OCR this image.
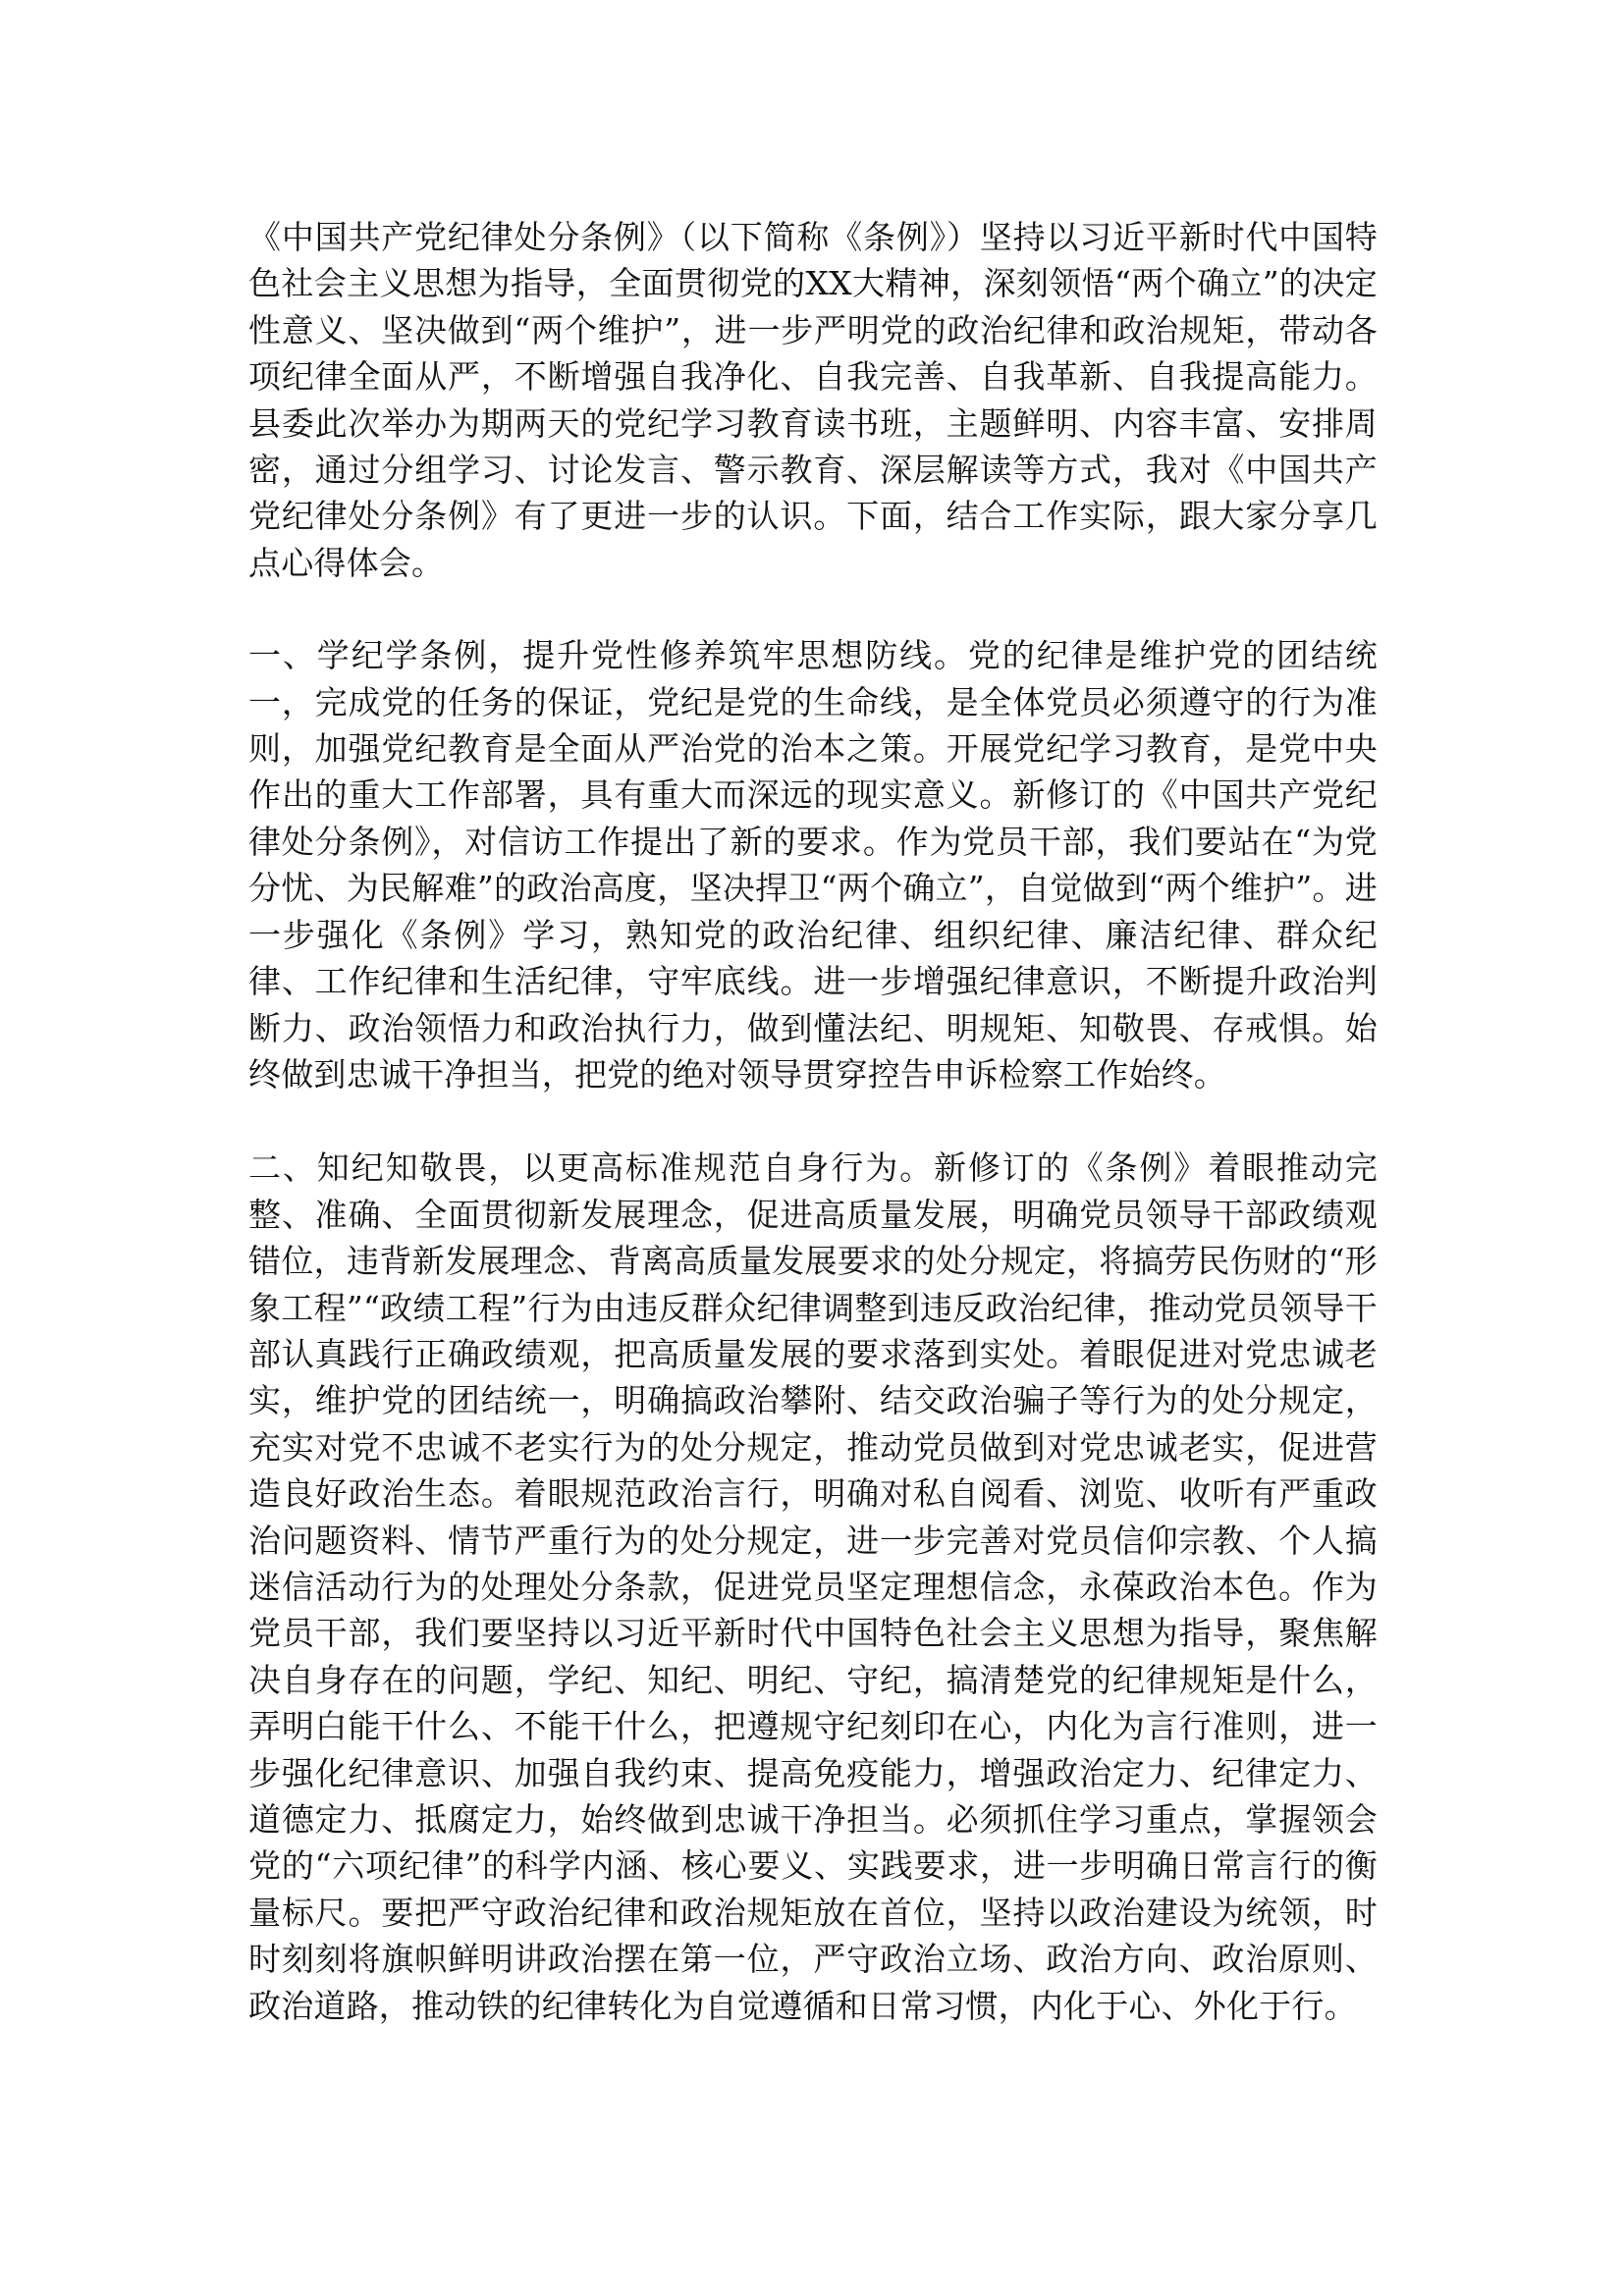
《中国共产党纪律处分条例》（以下简称《条例》）坚持以习近平新时代中国特色社会主义思想为指导，全面贯彻党的XX大精神，深刻领悟“两个确立”的决定性意义、坚决做到“两个维护”，进一步严明党的政治纪律和政治规矩，带动各项纪律全面从严，不断增强自我净化、自我完善、自我革新、自我提高能力。县委此次举办为期两天的党纪学习教育读书班，主题鲜明、内容丰富、安排周密，通过分组学习、讨论发言、警示教育、深层解读等方式，我对《中国共产党纪律处分条例》有了更进一步的认识。下面，结合工作实际，跟大家分享几点心得体会。

一、学纪学条例，提升党性修养筑牢思想防线。党的纪律是维护党的团结统一，完成党的任务的保证，党纪是党的生命线，是全体党员必须遵守的行为准则，加强党纪教育是全面从严治党的治本之策。开展党纪学习教育，是党中央作出的重大工作部署，具有重大而深远的现实意义。新修订的《中国共产党纪律处分条例》，对信访工作提出了新的要求。作为党员干部，我们要站在“为党分忧、为民解难”的政治高度，坚决捍卫“两个确立”，自觉做到“两个维护”。进一步强化《条例》学习，熟知党的政治纪律、组织纪律、廉洁纪律、群众纪律、工作纪律和生活纪律，守牢底线。进一步增强纪律意识，不断提升政治判断力、政治领悟力和政治执行力，做到懂法纪、明规矩、知敬畏、存戒惧。始终做到忠诚干净担当，把党的绝对领导贯穿控告申诉检察工作始终。

二、知纪知敬畏，以更高标准规范自身行为。新修订的《条例》着眼推动完整、准确、全面贯彻新发展理念，促进高质量发展，明确党员领导干部政绩观错位，违背新发展理念、背离高质量发展要求的处分规定，将搞劳民伤财的“形象工程”“政绩工程”行为由违反群众纪律调整到违反政治纪律，推动党员领导干部认真践行正确政绩观，把高质量发展的要求落到实处。着眼促进对党忠诚老实，维护党的团结统一，明确搞政治攀附、结交政治骗子等行为的处分规定，充实对党不忠诚不老实行为的处分规定，推动党员做到对党忠诚老实，促进营造良好政治生态。着眼规范政治言行，明确对私自阅看、浏览、收听有严重政治问题资料、情节严重行为的处分规定，进一步完善对党员信仰宗教、个人搞迷信活动行为的处理处分条款，促进党员坚定理想信念，永葆政治本色。作为党员干部，我们要坚持以习近平新时代中国特色社会主义思想为指导，聚焦解决自身存在的问题，学纪、知纪、明纪、守纪，搞清楚党的纪律规矩是什么，弄明白能干什么、不能干什么，把遵规守纪刻印在心，内化为言行准则，进一步强化纪律意识、加强自我约束、提高免疫能力，增强政治定力、纪律定力、道德定力、抵腐定力，始终做到忠诚干净担当。必须抓住学习重点，掌握领会党的“六项纪律”的科学内涵、核心要义、实践要求，进一步明确日常言行的衡量标尺。要把严守政治纪律和政治规矩放在首位，坚持以政治建设为统领，时时刻刻将旗帜鲜明讲政治摆在第一位，严守政治立场、政治方向、政治原则、政治道路，推动铁的纪律转化为自觉遵循和日常习惯，内化于心、外化于行。
